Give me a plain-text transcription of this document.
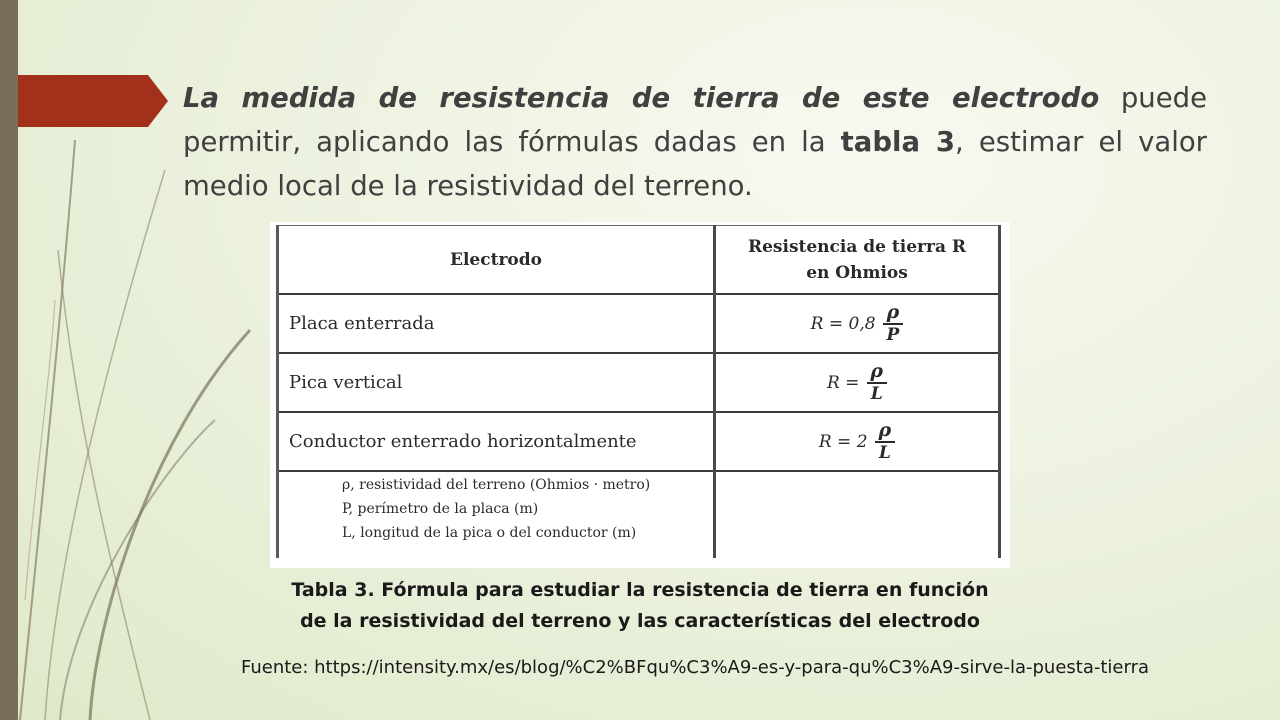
La medida de resistencia de tierra de este electrodo puede permitir, aplicando las fórmulas dadas en la tabla 3, estimar el valor medio local de la resistividad del terreno.
Electrodo	Resistencia de tierra R en Ohmios
Placa enterrada	$R = 0,8 \frac{\rho}{P}$

Pica vertical	$R = \frac{\rho}{L}$

Conductor enterrado horizontalmente	$R = 2 \frac{\rho}{L}$

ρ, resistividad del terreno (Ohmios · metro)
P, perímetro de la placa (m)
L, longitud de la pica o del conductor (m)	

Tabla 3. Fórmula para estudiar la resistencia de tierra en función
de la resistividad del terreno y las características del electrodo
Fuente: https://intensity.mx/es/blog/%C2%BFqu%C3%A9-es-y-para-qu%C3%A9-sirve-la-puesta-tierra
